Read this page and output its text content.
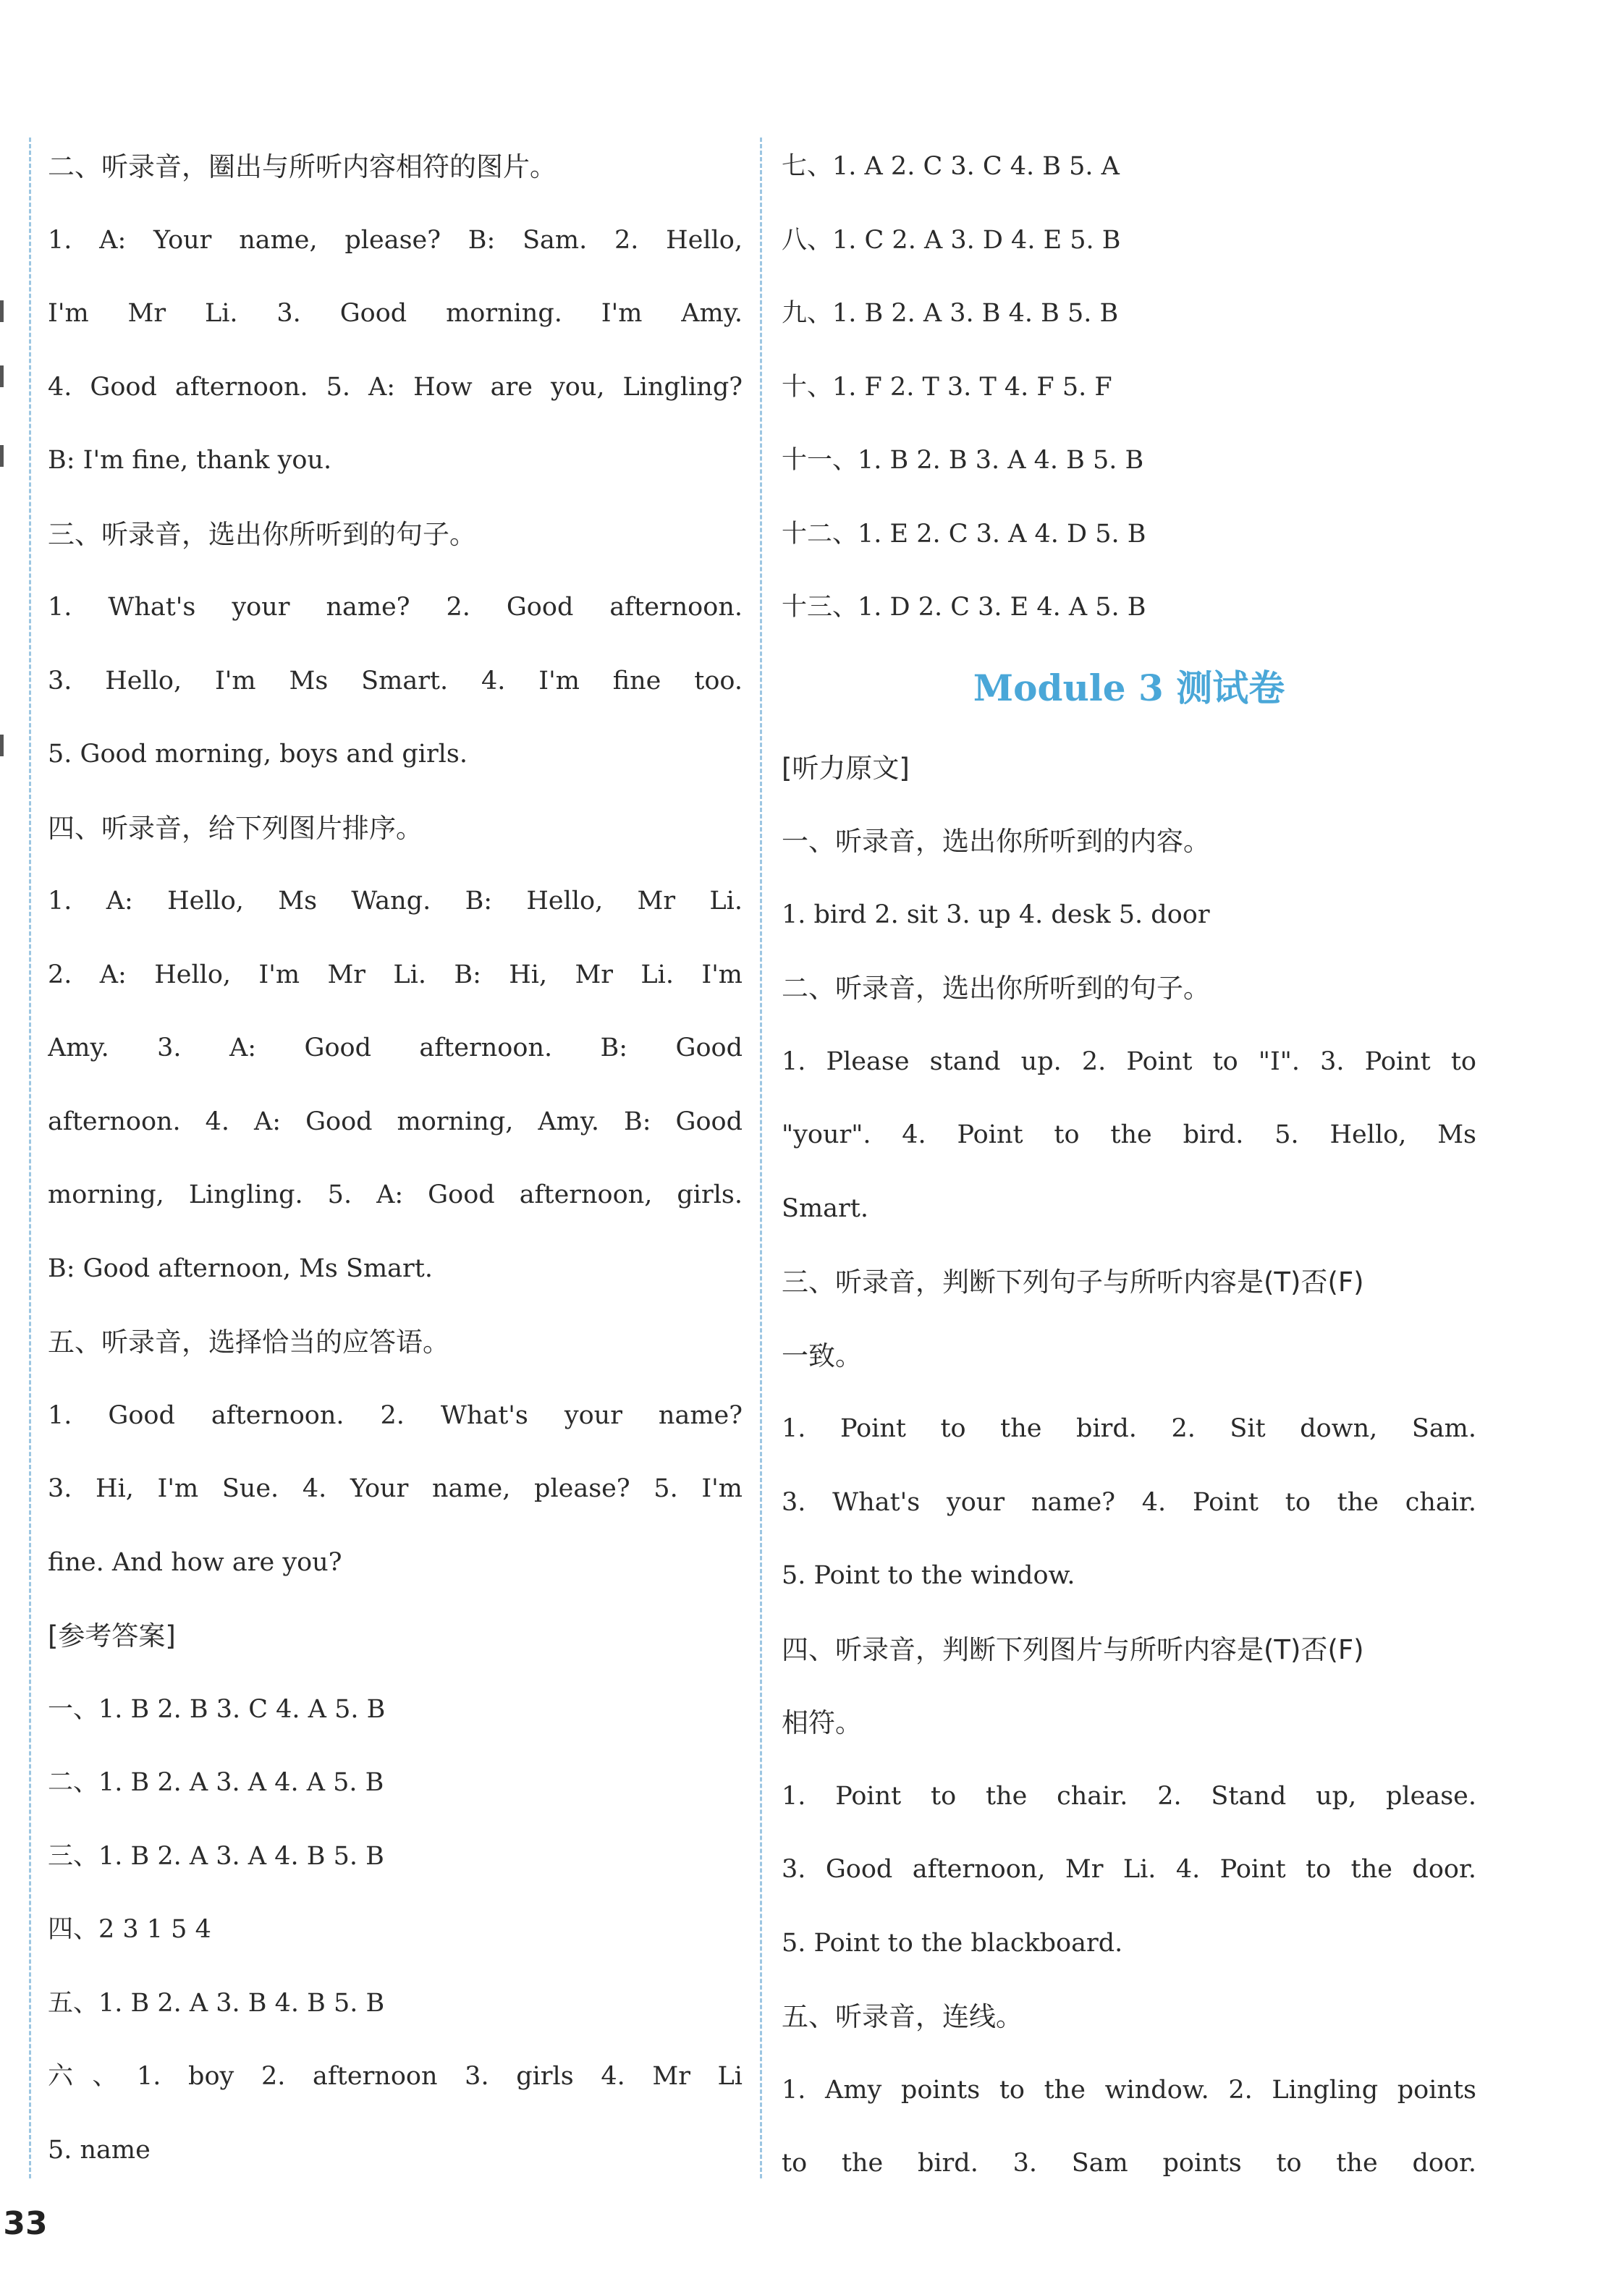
二、听录音，圈出与所听内容相符的图片。
1. A: Your name, please? B: Sam. 2. Hello,
I'm Mr Li. 3. Good morning. I'm Amy.
4. Good afternoon. 5. A: How are you, Lingling?
B: I'm fine, thank you.
三、听录音，选出你所听到的句子。
1. What's your name? 2. Good afternoon.
3. Hello, I'm Ms Smart. 4. I'm fine too.
5. Good morning, boys and girls.
四、听录音，给下列图片排序。
1. A: Hello, Ms Wang. B: Hello, Mr Li.
2. A: Hello, I'm Mr Li. B: Hi, Mr Li. I'm
Amy. 3. A: Good afternoon. B: Good
afternoon. 4. A: Good morning, Amy. B: Good
morning, Lingling. 5. A: Good afternoon, girls.
B: Good afternoon, Ms Smart.
五、听录音，选择恰当的应答语。
1. Good afternoon. 2. What's your name?
3. Hi, I'm Sue. 4. Your name, please? 5. I'm
fine. And how are you?
[参考答案]
一、1. B 2. B 3. C 4. A 5. B
二、1. B 2. A 3. A 4. A 5. B
三、1. B 2. A 3. A 4. B 5. B
四、2 3 1 5 4
五、1. B 2. A 3. B 4. B 5. B
六、1. boy 2. afternoon 3. girls 4. Mr Li
5. name
七、1. A 2. C 3. C 4. B 5. A
八、1. C 2. A 3. D 4. E 5. B
九、1. B 2. A 3. B 4. B 5. B
十、1. F 2. T 3. T 4. F 5. F
十一、1. B 2. B 3. A 4. B 5. B
十二、1. E 2. C 3. A 4. D 5. B
十三、1. D 2. C 3. E 4. A 5. B
Module 3 测试卷
[听力原文]
一、听录音，选出你所听到的内容。
1. bird 2. sit 3. up 4. desk 5. door
二、听录音，选出你所听到的句子。
1. Please stand up. 2. Point to "I". 3. Point to
"your". 4. Point to the bird. 5. Hello, Ms
Smart.
三、听录音，判断下列句子与所听内容是(T)否(F)
一致。
1. Point to the bird. 2. Sit down, Sam.
3. What's your name? 4. Point to the chair.
5. Point to the window.
四、听录音，判断下列图片与所听内容是(T)否(F)
相符。
1. Point to the chair. 2. Stand up, please.
3. Good afternoon, Mr Li. 4. Point to the door.
5. Point to the blackboard.
五、听录音，连线。
1. Amy points to the window. 2. Lingling points
to the bird. 3. Sam points to the door.
33
